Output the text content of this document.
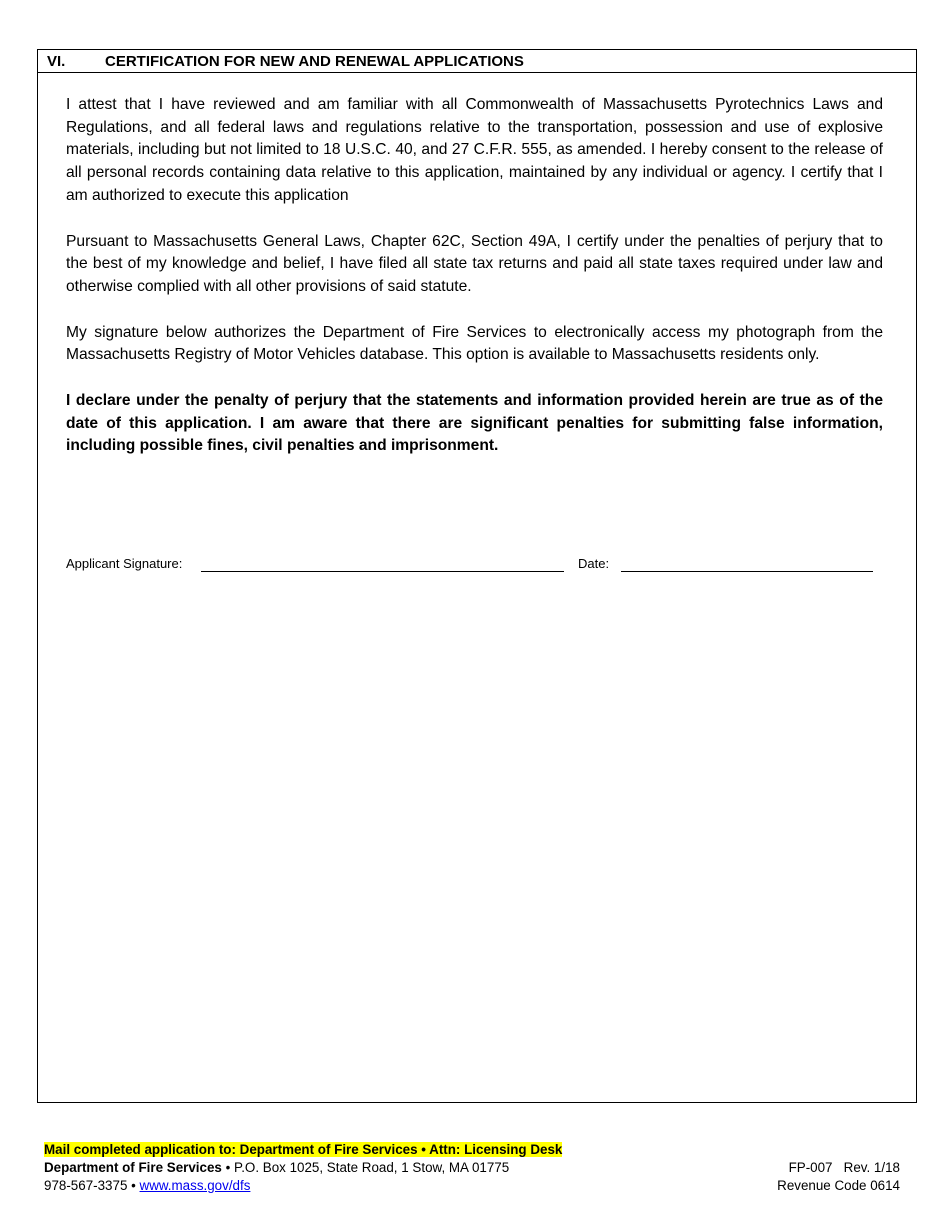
VI.	CERTIFICATION FOR NEW AND RENEWAL APPLICATIONS

I attest that I have reviewed and am familiar with all Commonwealth of Massachusetts Pyrotechnics Laws and Regulations, and all federal laws and regulations relative to the transportation, possession and use of explosive materials, including but not limited to 18 U.S.C. 40, and 27 C.F.R. 555, as amended. I hereby consent to the release of all personal records containing data relative to this application, maintained by any individual or agency. I certify that I am authorized to execute this application

Pursuant to Massachusetts General Laws, Chapter 62C, Section 49A, I certify under the penalties of perjury that to the best of my knowledge and belief, I have filed all state tax returns and paid all state taxes required under law and otherwise complied with all other provisions of said statute.

My signature below authorizes the Department of Fire Services to electronically access my photograph from the Massachusetts Registry of Motor Vehicles database. This option is available to Massachusetts residents only.

I declare under the penalty of perjury that the statements and information provided herein are true as of the date of this application. I am aware that there are significant penalties for submitting false information, including possible fines, civil penalties and imprisonment.

Applicant Signature:	Date:
Mail completed application to: Department of Fire Services • Attn: Licensing Desk
Department of Fire Services • P.O. Box 1025, State Road, 1 Stow, MA 01775
978-567-3375 • www.mass.gov/dfs
FP-007   Rev. 1/18
Revenue Code 0614
